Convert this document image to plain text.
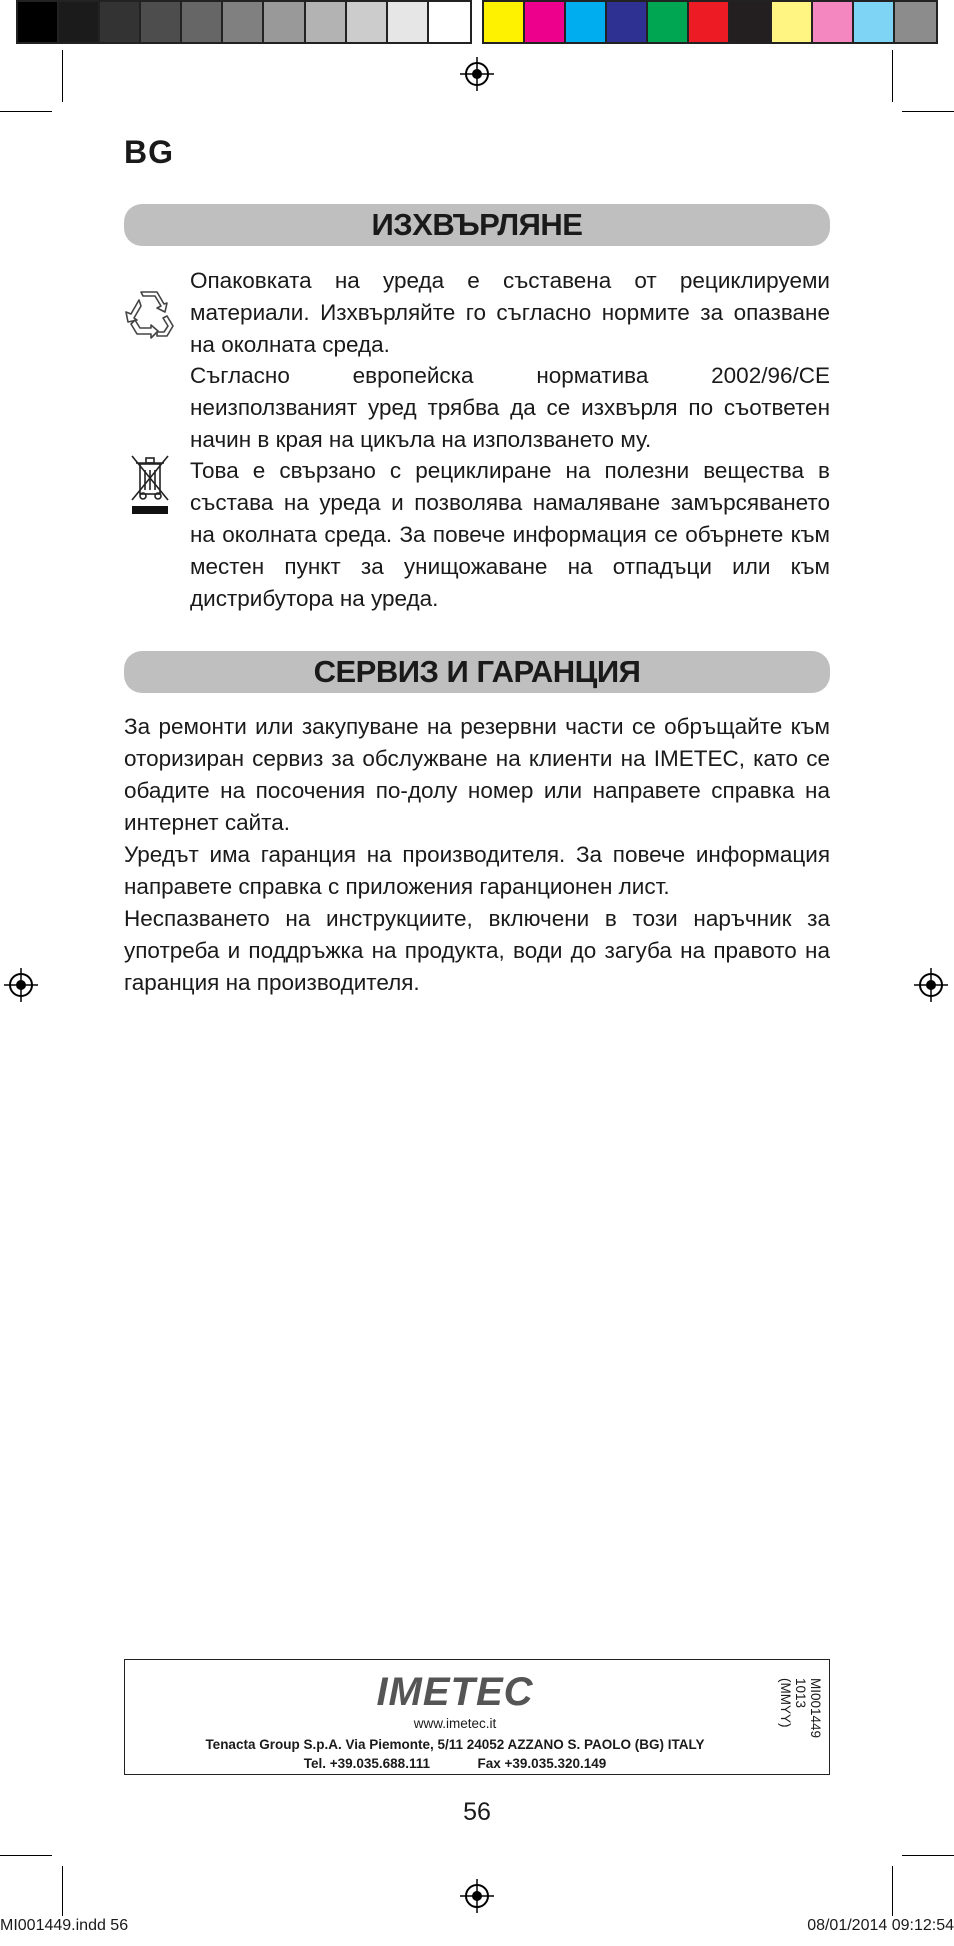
BG
ИЗХВЪРЛЯНЕ
Опаковката на уреда е съставена от рециклируеми материали. Изхвърляйте го съгласно нормите за опазване на околната среда.
Съгласно европейска норматива 2002/96/CE неизползваният уред трябва да се изхвърля по съответен начин в края на цикъла на използването му.
Това е свързано с рециклиране на полезни вещества в състава на уреда и позволява намаляване замърсяването на околната среда. За повече информация се обърнете към местен пункт за унищожаване на отпадъци или към дистрибутора на уреда.
СЕРВИЗ И ГАРАНЦИЯ
За ремонти или закупуване на резервни части се обръщайте към оторизиран сервиз за обслужване на клиенти на IMETEC, като се обадите на посочения по-долу номер или направете справка на интернет сайта.
Уредът има гаранция на производителя. За повече информация направете справка с приложения гаранционен лист.
Неспазването на инструкциите, включени в този наръчник за употреба и поддръжка на продукта, води до загуба на правото на гаранция на производителя.
IMETEC
www.imetec.it
Tenacta Group S.p.A. Via Piemonte, 5/11 24052 AZZANO S. PAOLO (BG) ITALY
Tel. +39.035.688.111	Fax +39.035.320.149
MI001449
1013 (MMYY)
56
MI001449.indd 56	08/01/2014 09:12:54
